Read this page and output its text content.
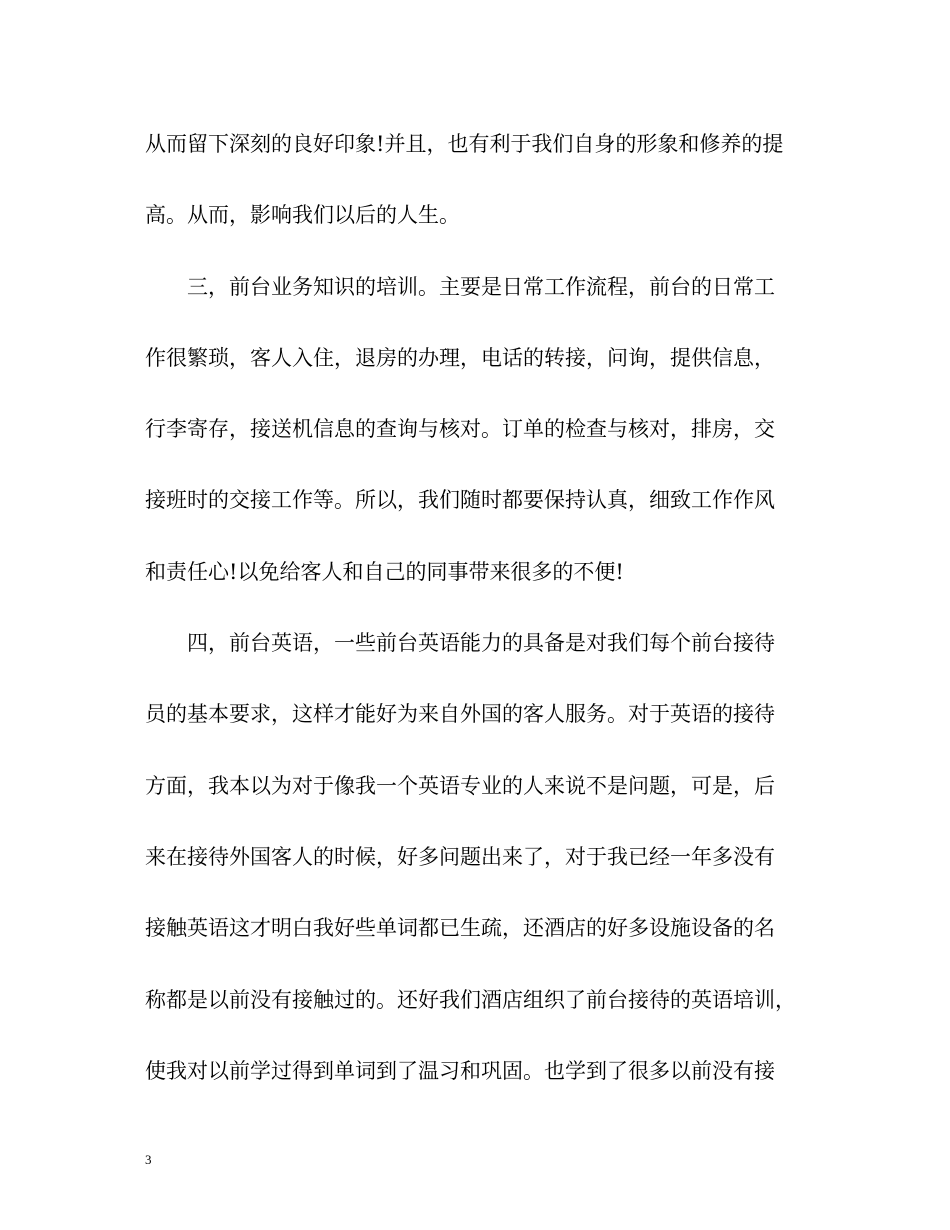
从而留下深刻的良好印象!并且，也有利于我们自身的形象和修养的提
高。从而，影响我们以后的人生。
　　三，前台业务知识的培训。主要是日常工作流程，前台的日常工
作很繁琐，客人入住，退房的办理，电话的转接，问询，提供信息，
行李寄存，接送机信息的查询与核对。订单的检查与核对，排房，交
接班时的交接工作等。所以，我们随时都要保持认真，细致工作作风
和责任心!以免给客人和自己的同事带来很多的不便!
　　四，前台英语，一些前台英语能力的具备是对我们每个前台接待
员的基本要求，这样才能好为来自外国的客人服务。对于英语的接待
方面，我本以为对于像我一个英语专业的人来说不是问题，可是，后
来在接待外国客人的时候，好多问题出来了，对于我已经一年多没有
接触英语这才明白我好些单词都已生疏，还酒店的好多设施设备的名
称都是以前没有接触过的。还好我们酒店组织了前台接待的英语培训，
使我对以前学过得到单词到了温习和巩固。也学到了很多以前没有接
3
